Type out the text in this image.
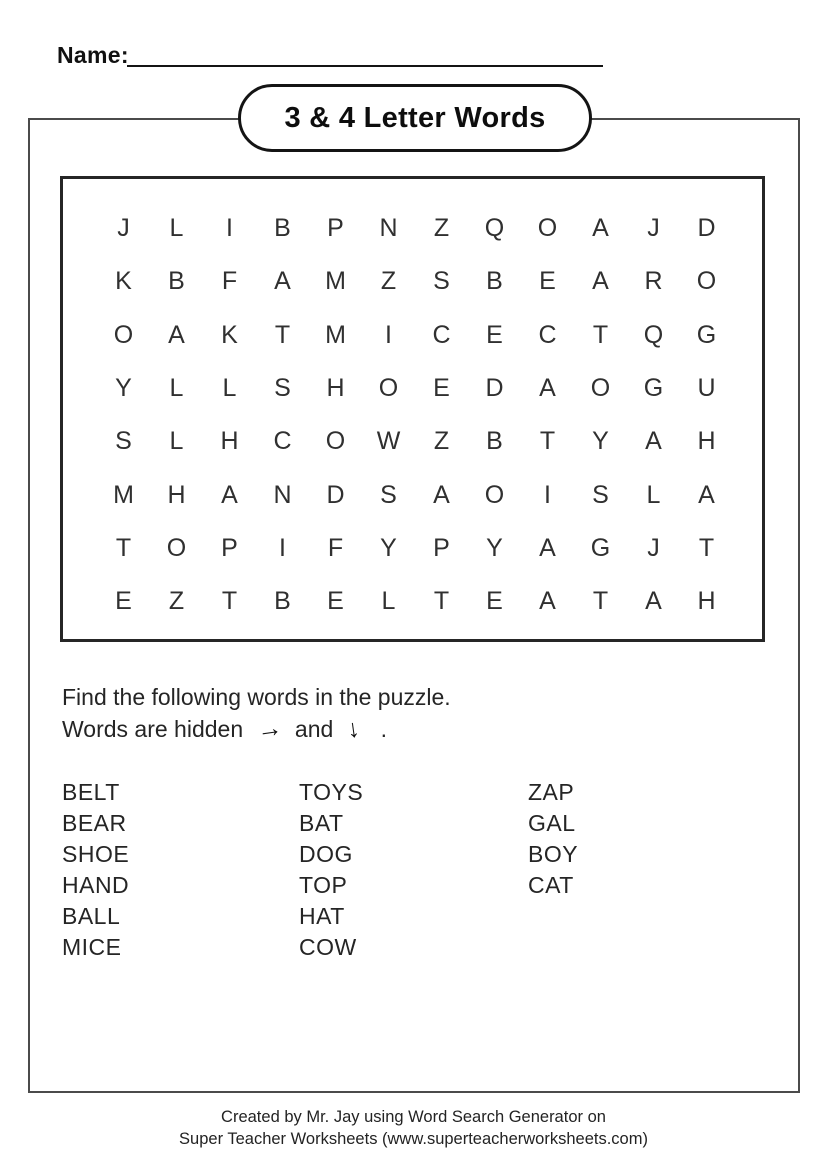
Name:
3 & 4 Letter Words
J	L	I	B	P	N	Z	Q	O	A	J	D
K	B	F	A	M	Z	S	B	E	A	R	O
O	A	K	T	M	I	C	E	C	T	Q	G
Y	L	L	S	H	O	E	D	A	O	G	U
S	L	H	C	O	W	Z	B	T	Y	A	H
M	H	A	N	D	S	A	O	I	S	L	A
T	O	P	I	F	Y	P	Y	A	G	J	T
E	Z	T	B	E	L	T	E	A	T	A	H
Find the following words in the puzzle.
Words are hidden → and ↓ .
BELT
BEAR
SHOE
HAND
BALL
MICE
TOYS
BAT
DOG
TOP
HAT
COW
ZAP
GAL
BOY
CAT
Created by Mr. Jay using Word Search Generator on
Super Teacher Worksheets (www.superteacherworksheets.com)
